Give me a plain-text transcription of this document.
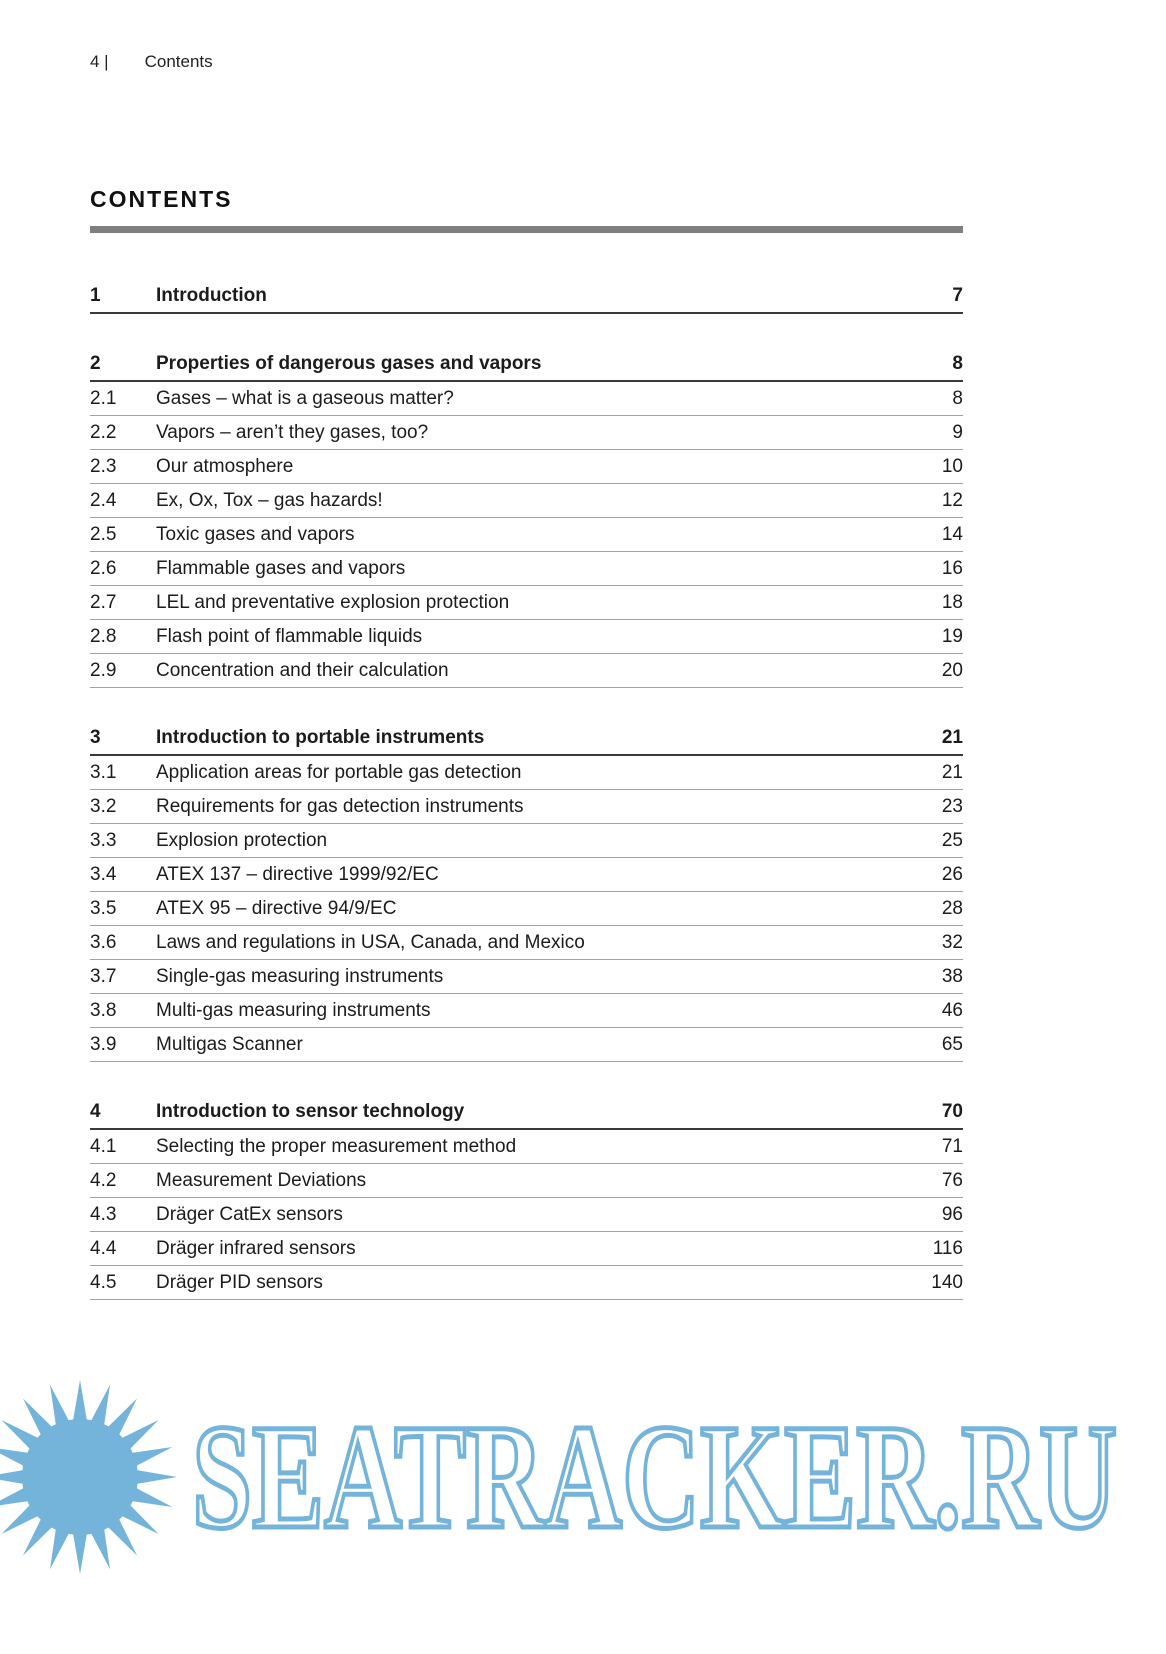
4 | Contents
CONTENTS
1	Introduction	7
2	Properties of dangerous gases and vapors	8
2.1	Gases – what is a gaseous matter?	8
2.2	Vapors – aren’t they gases, too?	9
2.3	Our atmosphere	10
2.4	Ex, Ox, Tox – gas hazards!	12
2.5	Toxic gases and vapors	14
2.6	Flammable gases and vapors	16
2.7	LEL and preventative explosion protection	18
2.8	Flash point of flammable liquids	19
2.9	Concentration and their calculation	20
3	Introduction to portable instruments	21
3.1	Application areas for portable gas detection	21
3.2	Requirements for gas detection instruments	23
3.3	Explosion protection	25
3.4	ATEX 137 – directive 1999/92/EC	26
3.5	ATEX 95 – directive 94/9/EC	28
3.6	Laws and regulations in USA, Canada, and Mexico	32
3.7	Single-gas measuring instruments	38
3.8	Multi-gas measuring instruments	46
3.9	Multigas Scanner	65
4	Introduction to sensor technology	70
4.1	Selecting the proper measurement method	71
4.2	Measurement Deviations	76
4.3	Dräger CatEx sensors	96
4.4	Dräger infrared sensors	116
4.5	Dräger PID sensors	140
SEATRACKER.RU
